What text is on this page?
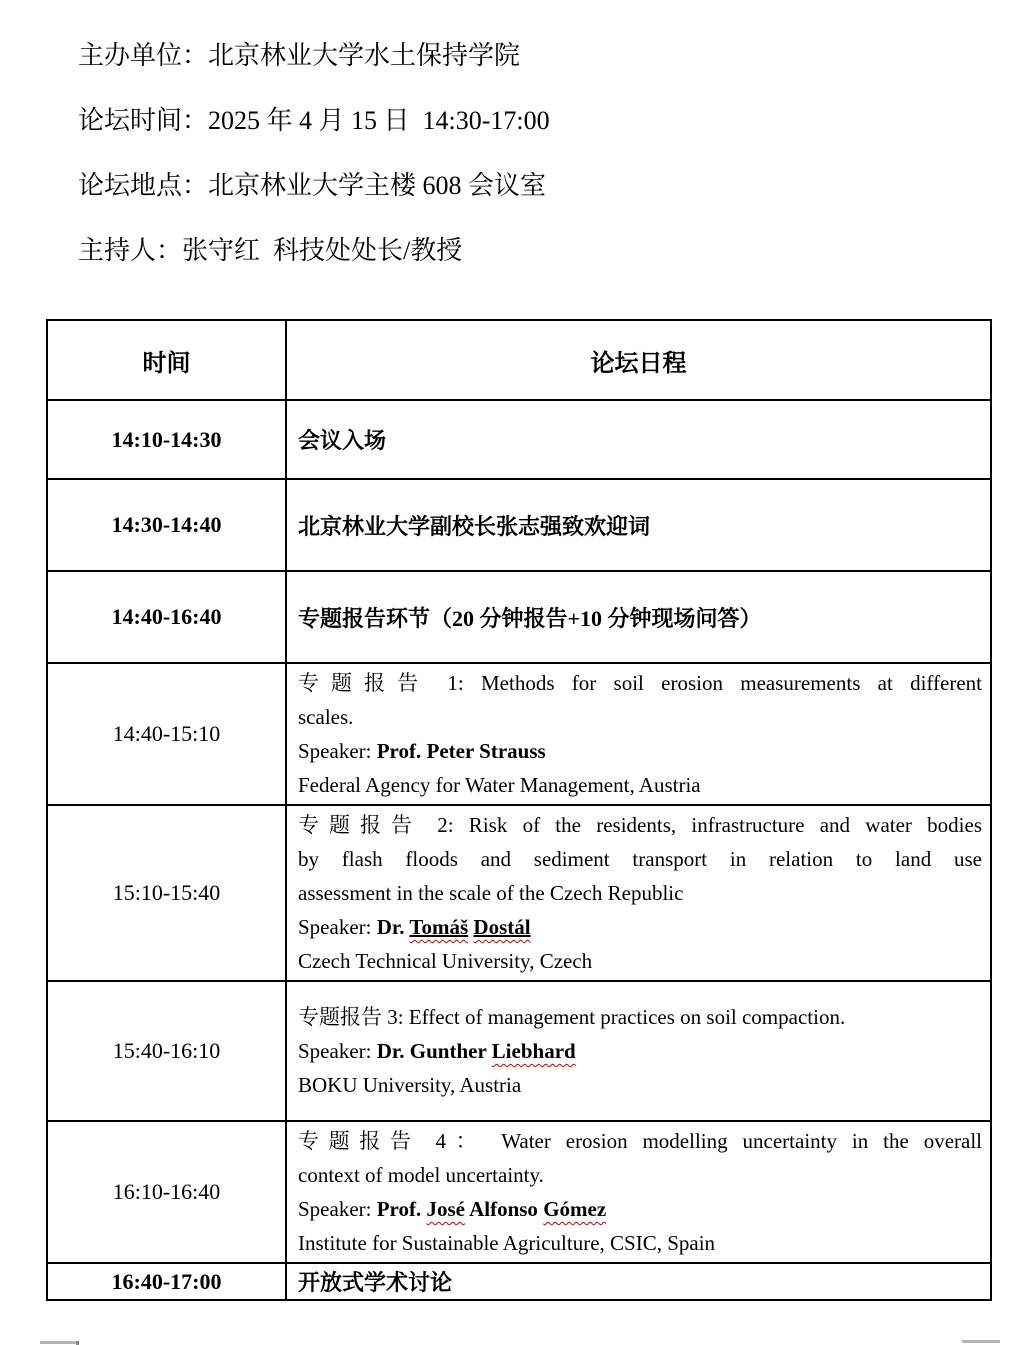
主办单位：北京林业大学水土保持学院
论坛时间：2025 年 4 月 15 日  14:30-17:00
论坛地点：北京林业大学主楼 608 会议室
主持人：张守红  科技处处长/教授
时间	论坛日程
14:10-14:30	会议入场

14:30-14:40	北京林业大学副校长张志强致欢迎词

14:40-16:40	专题报告环节（20 分钟报告+10 分钟现场问答）

14:40-15:10	专题报告 1: Methods for soil erosion measurements at different
scales.
Speaker: Prof. Peter Strauss
Federal Agency for Water Management, Austria

15:10-15:40	专题报告 2: Risk of the residents, infrastructure and water bodies
by flash floods and sediment transport in relation to land use
assessment in the scale of the Czech Republic
Speaker: Dr. Tomáš Dostál
Czech Technical University, Czech

15:40-16:10	专题报告 3: Effect of management practices on soil compaction.
Speaker: Dr. Gunther Liebhard
BOKU University, Austria

16:10-16:40	专题报告 4： Water erosion modelling uncertainty in the overall
context of model uncertainty.
Speaker: Prof. José Alfonso Gómez
Institute for Sustainable Agriculture, CSIC, Spain

16:40-17:00	开放式学术讨论
